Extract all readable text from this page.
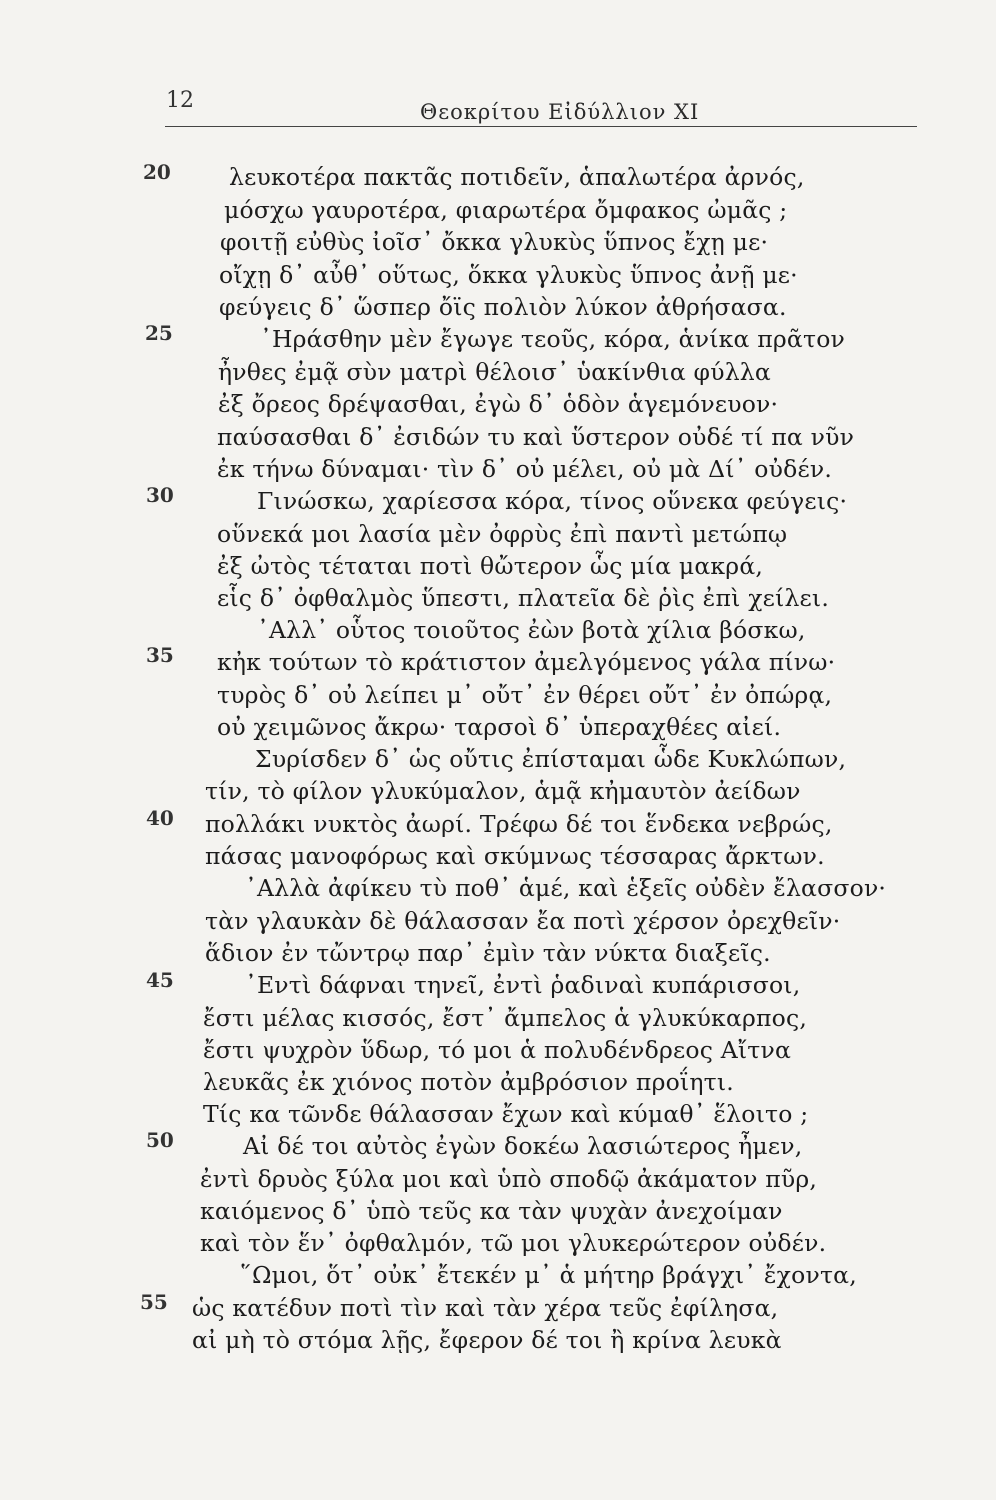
12	Θεοκρίτου Εἰδύλλιον XI
20
25
30
35
40
45
50
55
λευκοτέρα πακτᾶς ποτιδεῖν, ἁπαλωτέρα ἀρνός,
μόσχω γαυροτέρα, φιαρωτέρα ὄμφακος ὠμᾶς ;
φοιτῇ εὐθὺς ἰοῖσ᾽ ὄκκα γλυκὺς ὕπνος ἔχῃ με·
οἴχῃ δ᾽ αὖθ᾽ οὕτως, ὅκκα γλυκὺς ὕπνος ἀνῇ με·
φεύγεις δ᾽ ὥσπερ ὄϊς πολιὸν λύκον ἀθρήσασα.
᾽Ηράσθην μὲν ἔγωγε τεοῦς, κόρα, ἁνίκα πρᾶτον
ἦνθες ἐμᾷ σὺν ματρὶ θέλοισ᾽ ὑακίνθια φύλλα
ἐξ ὄρεος δρέψασθαι, ἐγὼ δ᾽ ὁδὸν ἁγεμόνευον·
παύσασθαι δ᾽ ἐσιδών τυ καὶ ὕστερον οὐδέ τί πα νῦν
ἐκ τήνω δύναμαι· τὶν δ᾽ οὐ μέλει, οὐ μὰ Δί᾽ οὐδέν.
Γινώσκω, χαρίεσσα κόρα, τίνος οὕνεκα φεύγεις·
οὕνεκά μοι λασία μὲν ὀφρὺς ἐπὶ παντὶ μετώπῳ
ἐξ ὠτὸς τέταται ποτὶ θὤτερον ὧς μία μακρά,
εἷς δ᾽ ὀφθαλμὸς ὕπεστι, πλατεῖα δὲ ῥὶς ἐπὶ χείλει.
᾽Αλλ᾽ οὗτος τοιοῦτος ἐὼν βοτὰ χίλια βόσκω,
κἠκ τούτων τὸ κράτιστον ἀμελγόμενος γάλα πίνω·
τυρὸς δ᾽ οὐ λείπει μ᾽ οὔτ᾽ ἐν θέρει οὔτ᾽ ἐν ὀπώρᾳ,
οὐ χειμῶνος ἄκρω· ταρσοὶ δ᾽ ὑπεραχθέες αἰεί.
Συρίσδεν δ᾽ ὡς οὔτις ἐπίσταμαι ὧδε Κυκλώπων,
τίν, τὸ φίλον γλυκύμαλον, ἁμᾷ κἠμαυτὸν ἀείδων
πολλάκι νυκτὸς ἀωρί. Τρέφω δέ τοι ἕνδεκα νεβρώς,
πάσας μανοφόρως καὶ σκύμνως τέσσαρας ἄρκτων.
᾽Αλλὰ ἀφίκευ τὺ ποθ᾽ ἁμέ, καὶ ἑξεῖς οὐδὲν ἔλασσον·
τὰν γλαυκὰν δὲ θάλασσαν ἔα ποτὶ χέρσον ὀρεχθεῖν·
ἅδιον ἐν τὤντρῳ παρ᾽ ἐμὶν τὰν νύκτα διαξεῖς.
᾽Εντὶ δάφναι τηνεῖ, ἐντὶ ῥαδιναὶ κυπάρισσοι,
ἔστι μέλας κισσός, ἔστ᾽ ἄμπελος ἁ γλυκύκαρπος,
ἔστι ψυχρὸν ὕδωρ, τό μοι ἁ πολυδένδρεος Αἴτνα
λευκᾶς ἐκ χιόνος ποτὸν ἀμβρόσιον προΐητι.
Τίς κα τῶνδε θάλασσαν ἔχων καὶ κύμαθ᾽ ἕλοιτο ;
Αἰ δέ τοι αὐτὸς ἐγὼν δοκέω λασιώτερος ἦμεν,
ἐντὶ δρυὸς ξύλα μοι καὶ ὑπὸ σποδῷ ἀκάματον πῦρ,
καιόμενος δ᾽ ὑπὸ τεῦς κα τὰν ψυχὰν ἀνεχοίμαν
καὶ τὸν ἕν᾽ ὀφθαλμόν, τῶ μοι γλυκερώτερον οὐδέν.
῞Ωμοι, ὅτ᾽ οὐκ᾽ ἔτεκέν μ᾽ ἁ μήτηρ βράγχι᾽ ἔχοντα,
ὡς κατέδυν ποτὶ τὶν καὶ τὰν χέρα τεῦς ἐφίλησα,
αἰ μὴ τὸ στόμα λῇς, ἔφερον δέ τοι ἢ κρίνα λευκὰ
